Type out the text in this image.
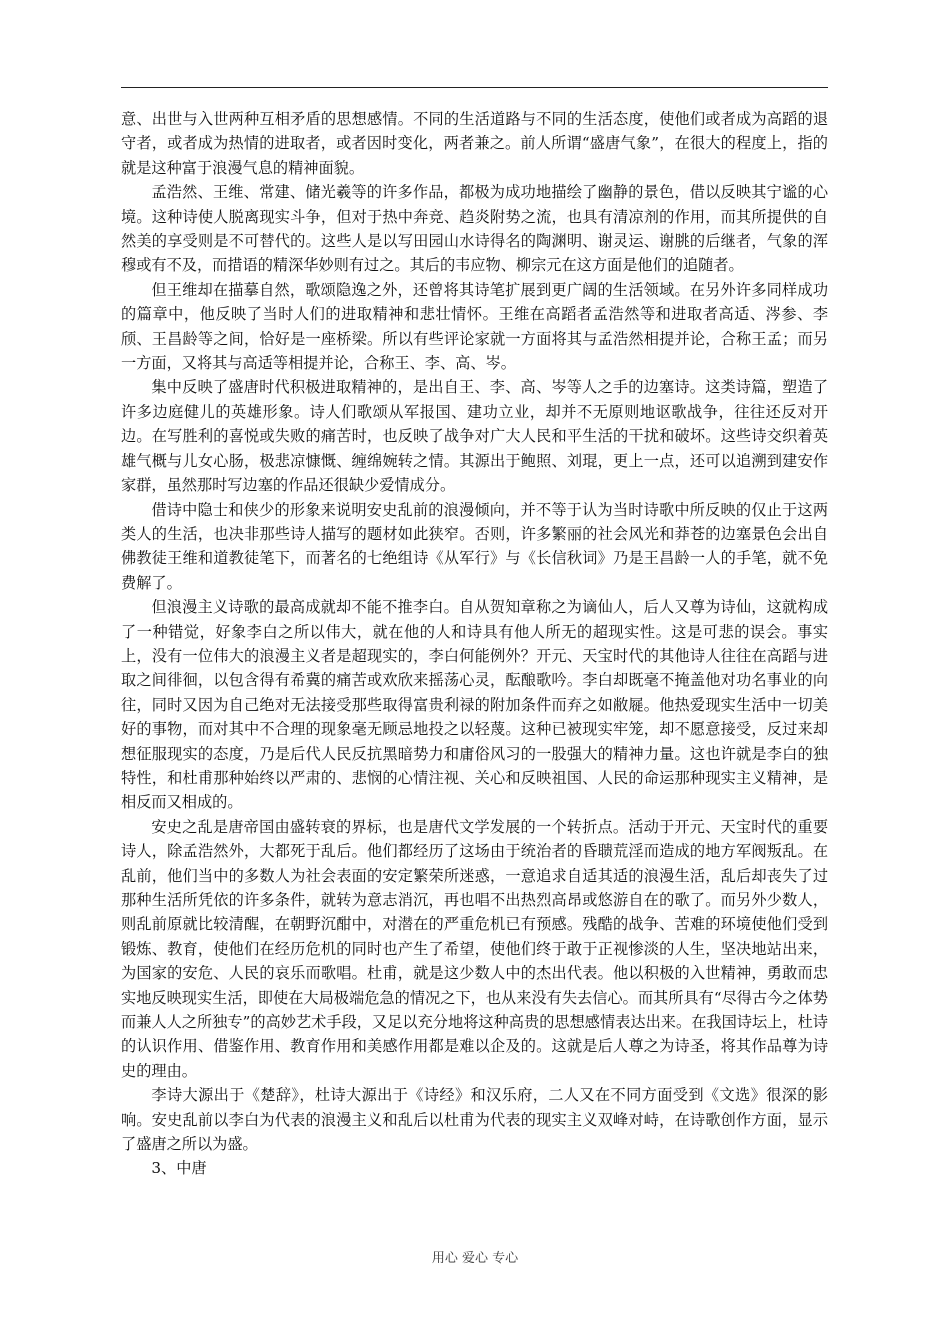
意、出世与入世两种互相矛盾的思想感情。不同的生活道路与不同的生活态度，使他们或者成为高蹈的退守者，或者成为热情的进取者，或者因时变化，两者兼之。前人所谓“盛唐气象”，在很大的程度上，指的就是这种富于浪漫气息的精神面貌。

孟浩然、王维、常建、储光羲等的许多作品，都极为成功地描绘了幽静的景色，借以反映其宁谧的心境。这种诗使人脱离现实斗争，但对于热中奔竞、趋炎附势之流，也具有清凉剂的作用，而其所提供的自然美的享受则是不可替代的。这些人是以写田园山水诗得名的陶渊明、谢灵运、谢朓的后继者，气象的浑穆或有不及，而措语的精深华妙则有过之。其后的韦应物、柳宗元在这方面是他们的追随者。

但王维却在描摹自然，歌颂隐逸之外，还曾将其诗笔扩展到更广阔的生活领域。在另外许多同样成功的篇章中，他反映了当时人们的进取精神和悲壮情怀。王维在高蹈者孟浩然等和进取者高适、涔参、李颀、王昌龄等之间，恰好是一座桥梁。所以有些评论家就一方面将其与孟浩然相提并论，合称王孟；而另一方面，又将其与高适等相提并论，合称王、李、高、岑。

集中反映了盛唐时代积极进取精神的，是出自王、李、高、岑等人之手的边塞诗。这类诗篇，塑造了许多边庭健儿的英雄形象。诗人们歌颂从军报国、建功立业，却并不无原则地讴歌战争，往往还反对开边。在写胜利的喜悦或失败的痛苦时，也反映了战争对广大人民和平生活的干扰和破坏。这些诗交织着英雄气概与儿女心肠，极悲凉慷慨、缠绵婉转之情。其源出于鲍照、刘琨，更上一点，还可以追溯到建安作家群，虽然那时写边塞的作品还很缺少爱情成分。

借诗中隐士和侠少的形象来说明安史乱前的浪漫倾向，并不等于认为当时诗歌中所反映的仅止于这两类人的生活，也决非那些诗人描写的题材如此狭窄。否则，许多繁丽的社会风光和莽苍的边塞景色会出自佛教徒王维和道教徒笔下，而著名的七绝组诗《从军行》与《长信秋词》乃是王昌龄一人的手笔，就不免费解了。

但浪漫主义诗歌的最高成就却不能不推李白。自从贺知章称之为谪仙人，后人又尊为诗仙，这就构成了一种错觉，好象李白之所以伟大，就在他的人和诗具有他人所无的超现实性。这是可悲的误会。事实上，没有一位伟大的浪漫主义者是超现实的，李白何能例外？开元、天宝时代的其他诗人往往在高蹈与进取之间徘徊，以包含得有希冀的痛苦或欢欣来摇荡心灵，酝酿歌吟。李白却既毫不掩盖他对功名事业的向往，同时又因为自己绝对无法接受那些取得富贵利禄的附加条件而弃之如敝屣。他热爱现实生活中一切美好的事物，而对其中不合理的现象毫无顾忌地投之以轻蔑。这种已被现实牢笼，却不愿意接受，反过来却想征服现实的态度，乃是后代人民反抗黑暗势力和庸俗风习的一股强大的精神力量。这也许就是李白的独特性，和杜甫那种始终以严肃的、悲悯的心情注视、关心和反映祖国、人民的命运那种现实主义精神，是相反而又相成的。

安史之乱是唐帝国由盛转衰的界标，也是唐代文学发展的一个转折点。活动于开元、天宝时代的重要诗人，除孟浩然外，大都死于乱后。他们都经历了这场由于统治者的昏聩荒淫而造成的地方军阀叛乱。在乱前，他们当中的多数人为社会表面的安定繁荣所迷惑，一意追求自适其适的浪漫生活，乱后却丧失了过那种生活所凭依的许多条件，就转为意志消沉，再也唱不出热烈高昂或悠游自在的歌了。而另外少数人，则乱前原就比较清醒，在朝野沉酣中，对潜在的严重危机已有预感。残酷的战争、苦难的环境使他们受到锻炼、教育，使他们在经历危机的同时也产生了希望，使他们终于敢于正视惨淡的人生，坚决地站出来，为国家的安危、人民的哀乐而歌唱。杜甫，就是这少数人中的杰出代表。他以积极的入世精神，勇敢而忠实地反映现实生活，即使在大局极端危急的情况之下，也从来没有失去信心。而其所具有“尽得古今之体势而兼人人之所独专”的高妙艺术手段，又足以充分地将这种高贵的思想感情表达出来。在我国诗坛上，杜诗的认识作用、借鉴作用、教育作用和美感作用都是难以企及的。这就是后人尊之为诗圣，将其作品尊为诗史的理由。

李诗大源出于《楚辞》，杜诗大源出于《诗经》和汉乐府，二人又在不同方面受到《文选》很深的影响。安史乱前以李白为代表的浪漫主义和乱后以杜甫为代表的现实主义双峰对峙，在诗歌创作方面，显示了盛唐之所以为盛。

3、中唐

用心 爱心 专心
